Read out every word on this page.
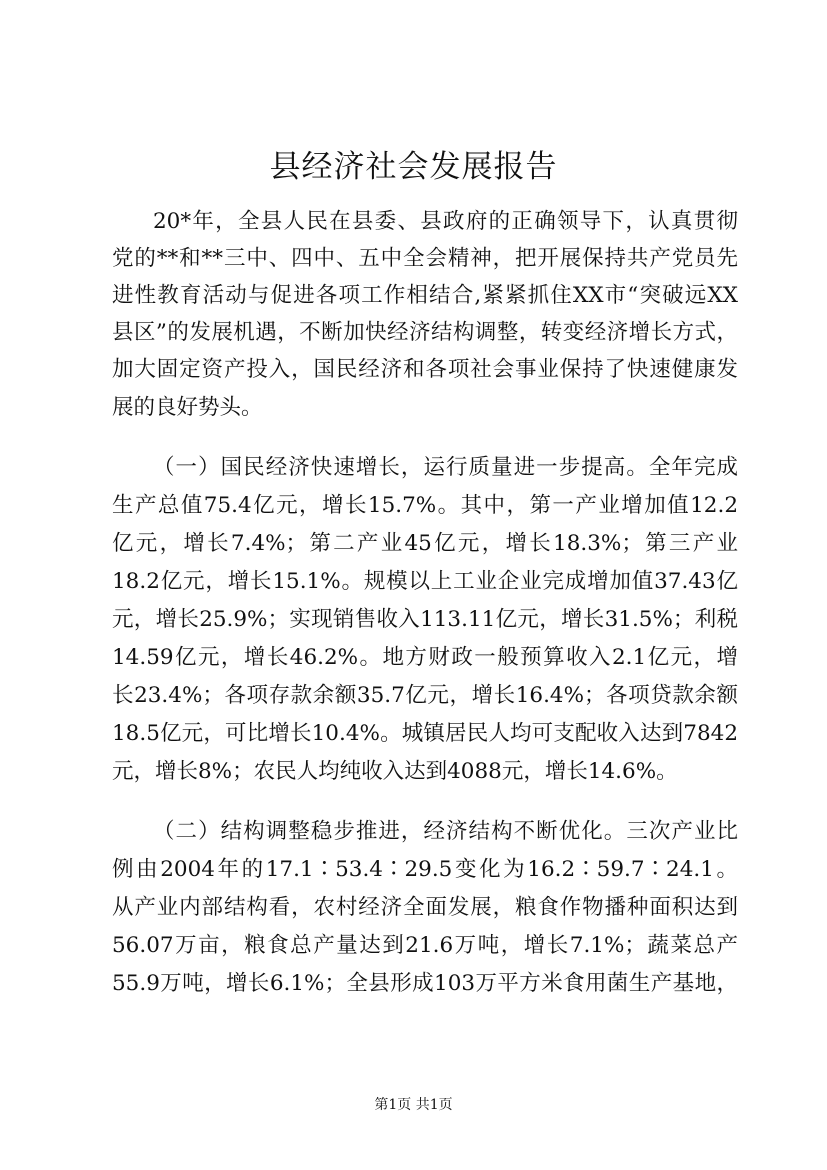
县经济社会发展报告
20*年，全县人民在县委、县政府的正确领导下，认真贯彻
党的**和**三中、四中、五中全会精神，把开展保持共产党员先
进性教育活动与促进各项工作相结合,紧紧抓住XX市“突破远XX
县区”的发展机遇，不断加快经济结构调整，转变经济增长方式，
加大固定资产投入，国民经济和各项社会事业保持了快速健康发
展的良好势头。
（一）国民经济快速增长，运行质量进一步提高。全年完成
生产总值75.4亿元，增长15.7%。其中，第一产业增加值12.2
亿元，增长7.4%；第二产业45亿元，增长18.3%；第三产业
18.2亿元，增长15.1%。规模以上工业企业完成增加值37.43亿
元，增长25.9%；实现销售收入113.11亿元，增长31.5%；利税
14.59亿元，增长46.2%。地方财政一般预算收入2.1亿元，增
长23.4%；各项存款余额35.7亿元，增长16.4%；各项贷款余额
18.5亿元，可比增长10.4%。城镇居民人均可支配收入达到7842
元，增长8%；农民人均纯收入达到4088元，增长14.6%。
（二）结构调整稳步推进，经济结构不断优化。三次产业比
例由2004年的17.1∶53.4∶29.5变化为16.2∶59.7∶24.1。
从产业内部结构看，农村经济全面发展，粮食作物播种面积达到
56.07万亩，粮食总产量达到21.6万吨，增长7.1%；蔬菜总产
55.9万吨，增长6.1%；全县形成103万平方米食用菌生产基地，
第1页 共1页
